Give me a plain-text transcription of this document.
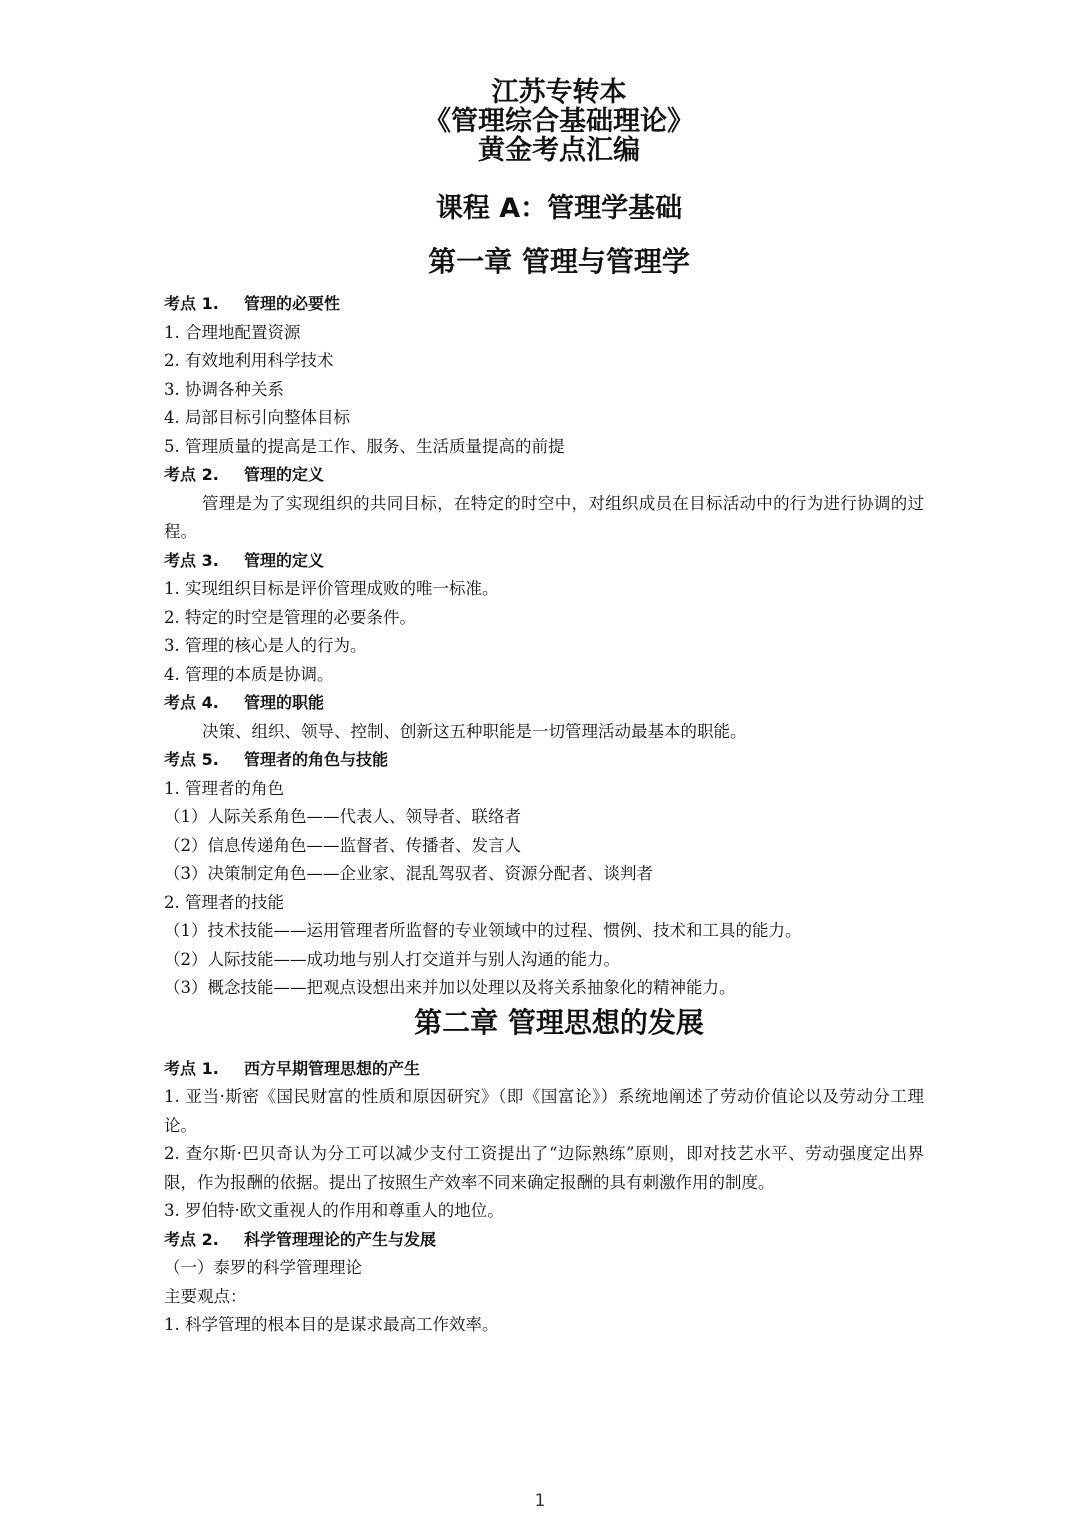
江苏专转本
《管理综合基础理论》
黄金考点汇编
课程 A：管理学基础
第一章 管理与管理学
考点 1. 管理的必要性
1. 合理地配置资源
2. 有效地利用科学技术
3. 协调各种关系
4. 局部目标引向整体目标
5. 管理质量的提高是工作、服务、生活质量提高的前提
考点 2. 管理的定义
管理是为了实现组织的共同目标，在特定的时空中，对组织成员在目标活动中的行为进行协调的过程。
考点 3. 管理的定义
1. 实现组织目标是评价管理成败的唯一标准。
2. 特定的时空是管理的必要条件。
3. 管理的核心是人的行为。
4. 管理的本质是协调。
考点 4. 管理的职能
决策、组织、领导、控制、创新这五种职能是一切管理活动最基本的职能。
考点 5. 管理者的角色与技能
1. 管理者的角色
（1）人际关系角色——代表人、领导者、联络者
（2）信息传递角色——监督者、传播者、发言人
（3）决策制定角色——企业家、混乱驾驭者、资源分配者、谈判者
2. 管理者的技能
（1）技术技能——运用管理者所监督的专业领域中的过程、惯例、技术和工具的能力。
（2）人际技能——成功地与别人打交道并与别人沟通的能力。
（3）概念技能——把观点设想出来并加以处理以及将关系抽象化的精神能力。
第二章 管理思想的发展
考点 1. 西方早期管理思想的产生
1. 亚当·斯密《国民财富的性质和原因研究》（即《国富论》）系统地阐述了劳动价值论以及劳动分工理论。
2. 查尔斯·巴贝奇认为分工可以减少支付工资提出了“边际熟练”原则，即对技艺水平、劳动强度定出界限，作为报酬的依据。提出了按照生产效率不同来确定报酬的具有刺激作用的制度。
3. 罗伯特·欧文重视人的作用和尊重人的地位。
考点 2. 科学管理理论的产生与发展
（一）泰罗的科学管理理论
主要观点：
1. 科学管理的根本目的是谋求最高工作效率。
1
